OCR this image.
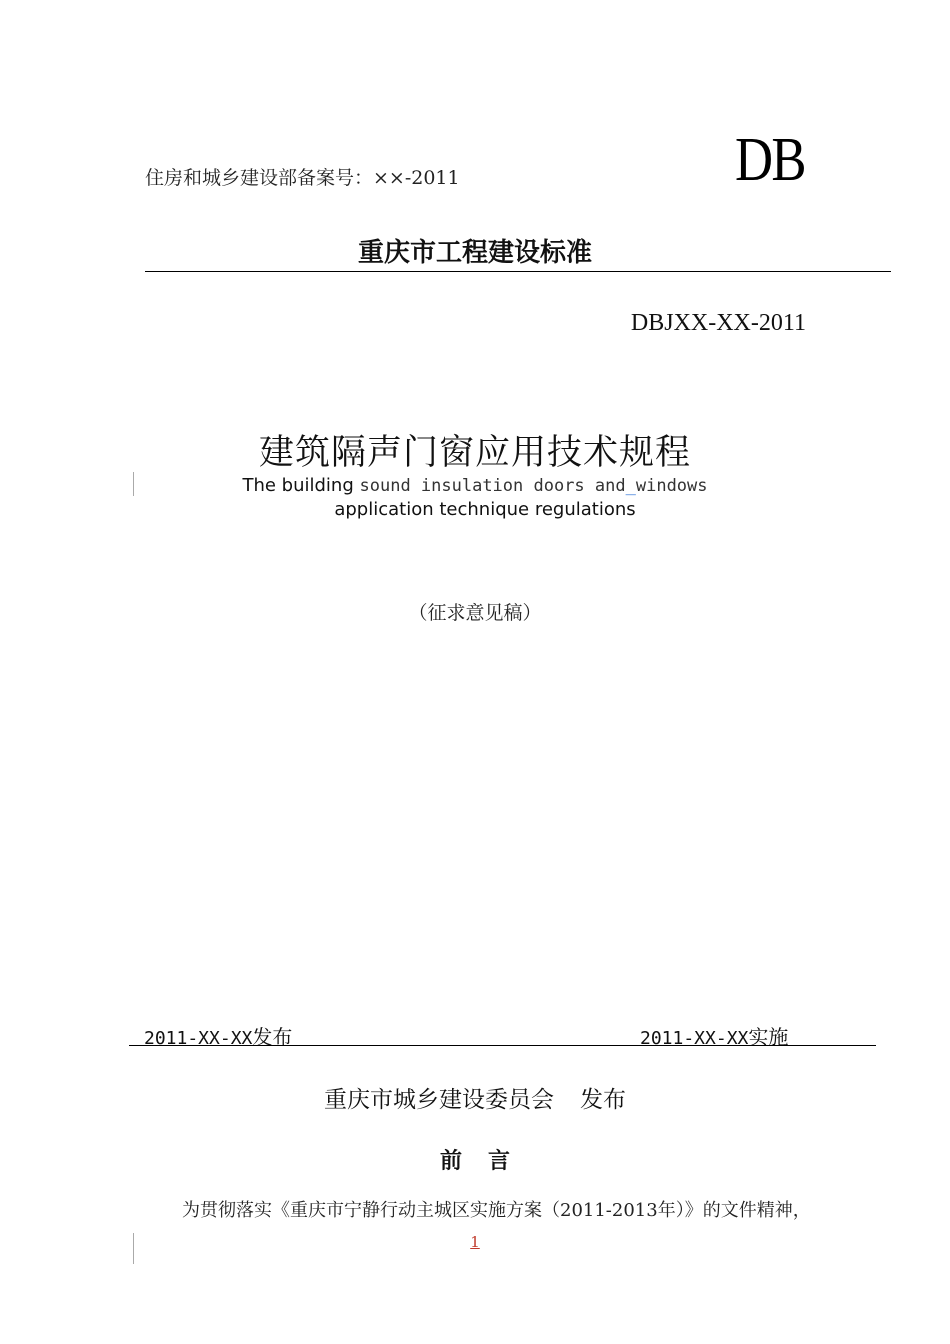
住房和城乡建设部备案号：××-2011	DB
重庆市工程建设标准
DBJXX-XX-2011
建筑隔声门窗应用技术规程
The building sound insulation doors and_windows
application technique regulations
（征求意见稿）
2011-XX-XX发布	2011-XX-XX实施
重庆市城乡建设委员会 发布
前言
为贯彻落实《重庆市宁静行动主城区实施方案（2011-2013年）》的文件精神，
1
